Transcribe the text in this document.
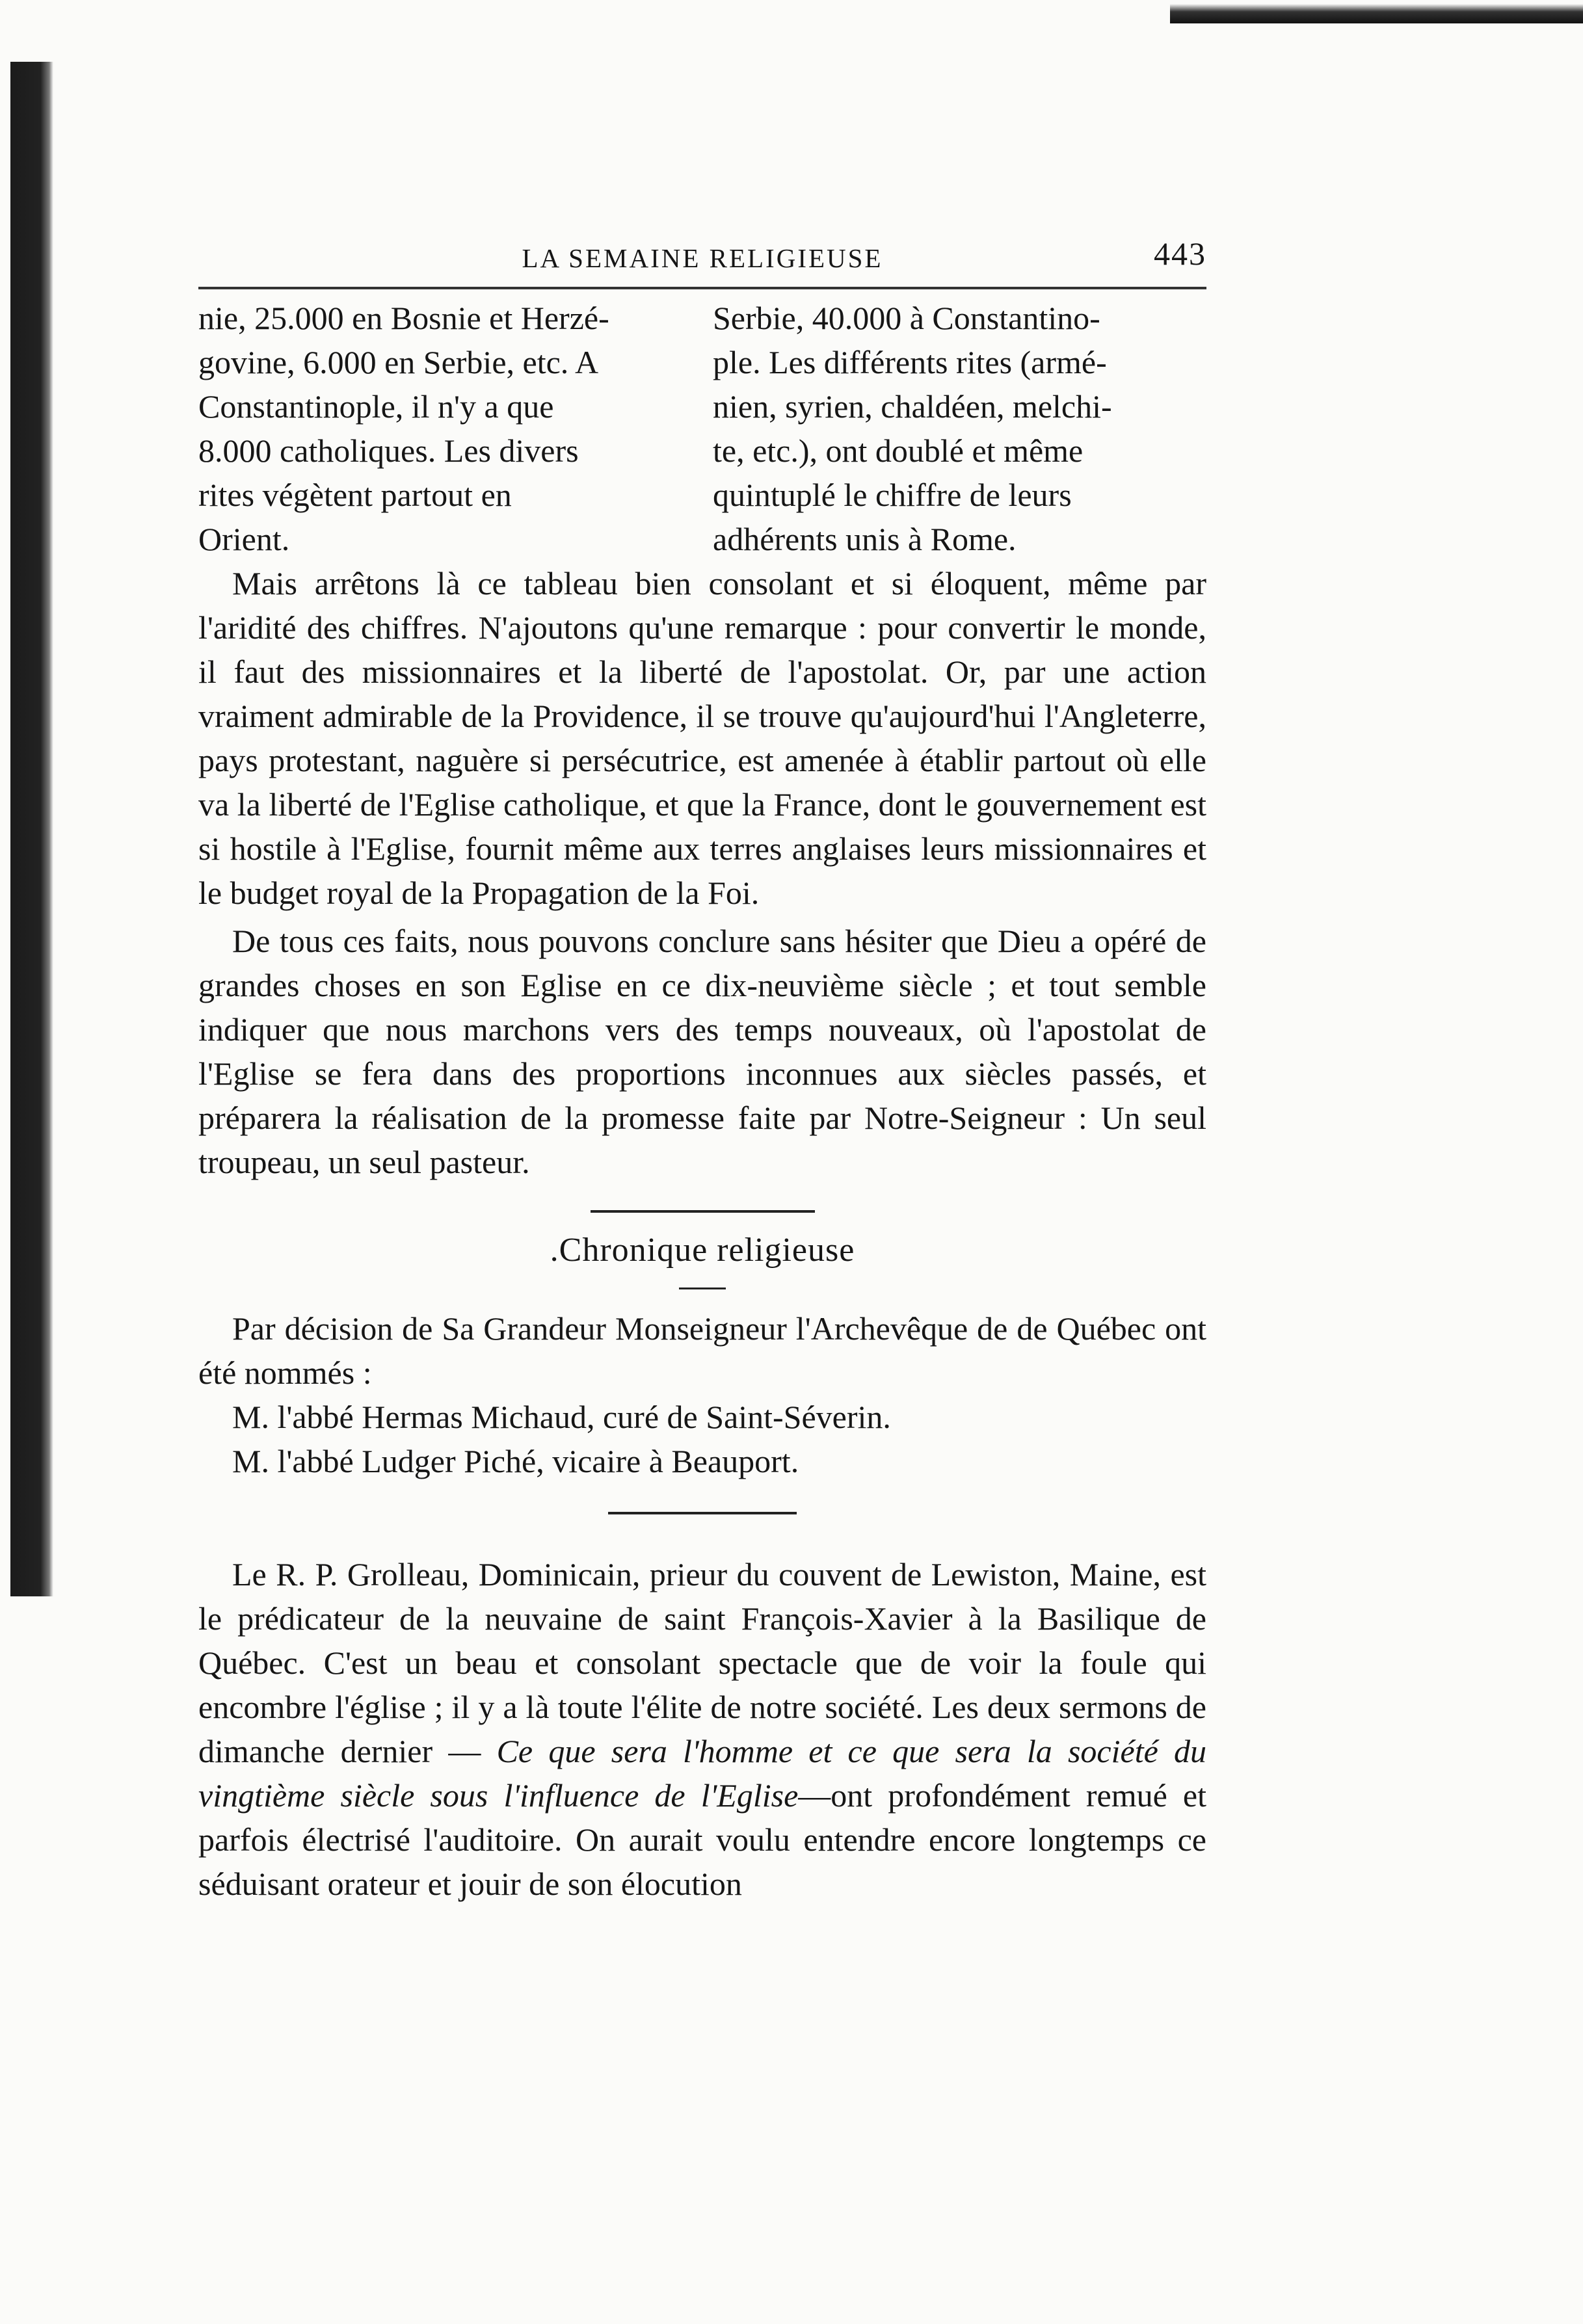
LA SEMAINE RELIGIEUSE	443
nie, 25.000 en Bosnie et Herzé-
govine, 6.000 en Serbie, etc. A
Constantinople, il n'y a que
8.000 catholiques. Les divers
rites végètent partout en
Orient.
Serbie, 40.000 à Constantino-
ple. Les différents rites (armé-
nien, syrien, chaldéen, melchi-
te, etc.), ont doublé et même
quintuplé le chiffre de leurs
adhérents unis à Rome.

Mais arrêtons là ce tableau bien consolant et si éloquent, même par l'aridité des chiffres. N'ajoutons qu'une remarque : pour convertir le monde, il faut des missionnaires et la liberté de l'apostolat. Or, par une action vraiment admirable de la Providence, il se trouve qu'aujourd'hui l'Angleterre, pays protestant, naguère si persécutrice, est amenée à établir partout où elle va la liberté de l'Eglise catholique, et que la France, dont le gouvernement est si hostile à l'Eglise, fournit même aux terres anglaises leurs missionnaires et le budget royal de la Propagation de la Foi.

De tous ces faits, nous pouvons conclure sans hésiter que Dieu a opéré de grandes choses en son Eglise en ce dix-neuvième siècle ; et tout semble indiquer que nous marchons vers des temps nouveaux, où l'apostolat de l'Eglise se fera dans des proportions inconnues aux siècles passés, et préparera la réalisation de la promesse faite par Notre-Seigneur : Un seul troupeau, un seul pasteur.

.Chronique religieuse

Par décision de Sa Grandeur Monseigneur l'Archevêque de de Québec ont été nommés :

M. l'abbé Hermas Michaud, curé de Saint-Séverin.

M. l'abbé Ludger Piché, vicaire à Beauport.

Le R. P. Grolleau, Dominicain, prieur du couvent de Lewiston, Maine, est le prédicateur de la neuvaine de saint François-Xavier à la Basilique de Québec. C'est un beau et consolant spectacle que de voir la foule qui encombre l'église ; il y a là toute l'élite de notre société. Les deux sermons de dimanche dernier — Ce que sera l'homme et ce que sera la société du vingtième siècle sous l'influence de l'Eglise—ont profondément remué et parfois électrisé l'auditoire. On aurait voulu entendre encore longtemps ce séduisant orateur et jouir de son élocution
